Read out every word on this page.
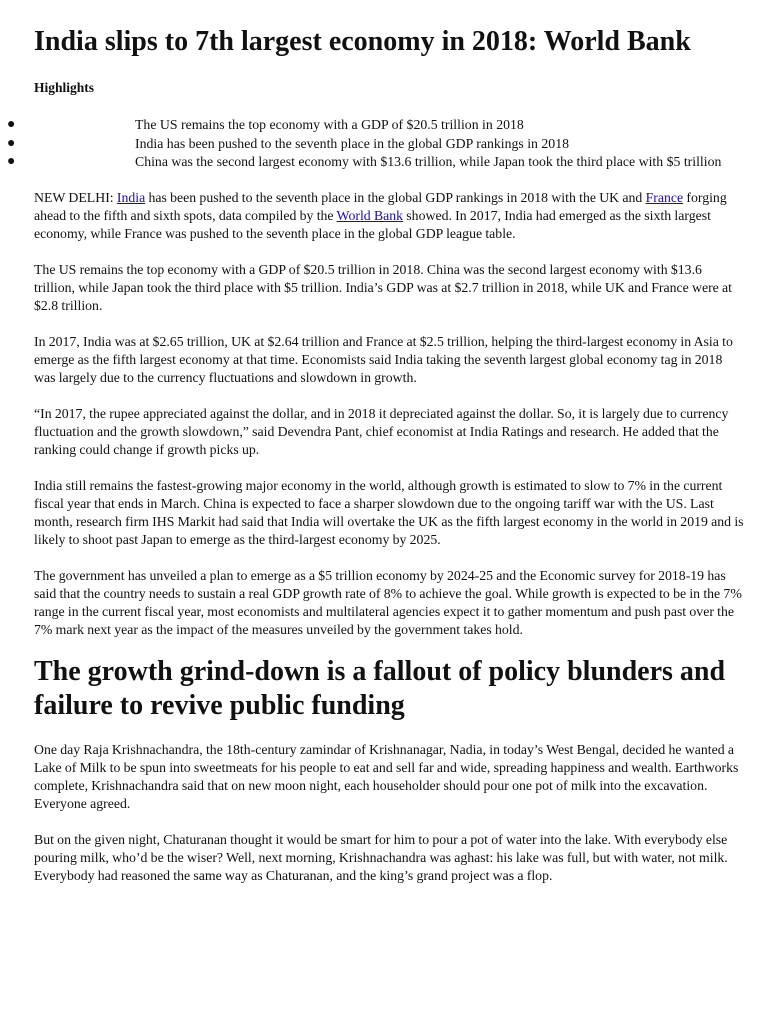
India slips to 7th largest economy in 2018: World Bank
Highlights
●	The US remains the top economy with a GDP of $20.5 trillion in 2018
●	India has been pushed to the seventh place in the global GDP rankings in 2018
●	China was the second largest economy with $13.6 trillion, while Japan took the third place with $5 trillion

NEW DELHI: India has been pushed to the seventh place in the global GDP rankings in 2018 with the UK and France forging ahead to the fifth and sixth spots, data compiled by the World Bank showed. In 2017, India had emerged as the sixth largest economy, while France was pushed to the seventh place in the global GDP league table.

The US remains the top economy with a GDP of $20.5 trillion in 2018. China was the second largest economy with $13.6 trillion, while Japan took the third place with $5 trillion. India’s GDP was at $2.7 trillion in 2018, while UK and France were at $2.8 trillion.

In 2017, India was at $2.65 trillion, UK at $2.64 trillion and France at $2.5 trillion, helping the third-largest economy in Asia to emerge as the fifth largest economy at that time. Economists said India taking the seventh largest global economy tag in 2018 was largely due to the currency fluctuations and slowdown in growth.

“In 2017, the rupee appreciated against the dollar, and in 2018 it depreciated against the dollar. So, it is largely due to currency fluctuation and the growth slowdown,” said Devendra Pant, chief economist at India Ratings and research. He added that the ranking could change if growth picks up.

India still remains the fastest-growing major economy in the world, although growth is estimated to slow to 7% in the current fiscal year that ends in March. China is expected to face a sharper slowdown due to the ongoing tariff war with the US. Last month, research firm IHS Markit had said that India will overtake the UK as the fifth largest economy in the world in 2019 and is likely to shoot past Japan to emerge as the third-largest economy by 2025.

The government has unveiled a plan to emerge as a $5 trillion economy by 2024-25 and the Economic survey for 2018-19 has said that the country needs to sustain a real GDP growth rate of 8% to achieve the goal. While growth is expected to be in the 7% range in the current fiscal year, most economists and multilateral agencies expect it to gather momentum and push past over the 7% mark next year as the impact of the measures unveiled by the government takes hold.

The growth grind-down is a fallout of policy blunders and failure to revive public funding

One day Raja Krishnachandra, the 18th-century zamindar of Krishnanagar, Nadia, in today’s West Bengal, decided he wanted a Lake of Milk to be spun into sweetmeats for his people to eat and sell far and wide, spreading happiness and wealth. Earthworks complete, Krishnachandra said that on new moon night, each householder should pour one pot of milk into the excavation. Everyone agreed.

But on the given night, Chaturanan thought it would be smart for him to pour a pot of water into the lake. With everybody else pouring milk, who’d be the wiser? Well, next morning, Krishnachandra was aghast: his lake was full, but with water, not milk. Everybody had reasoned the same way as Chaturanan, and the king’s grand project was a flop.
